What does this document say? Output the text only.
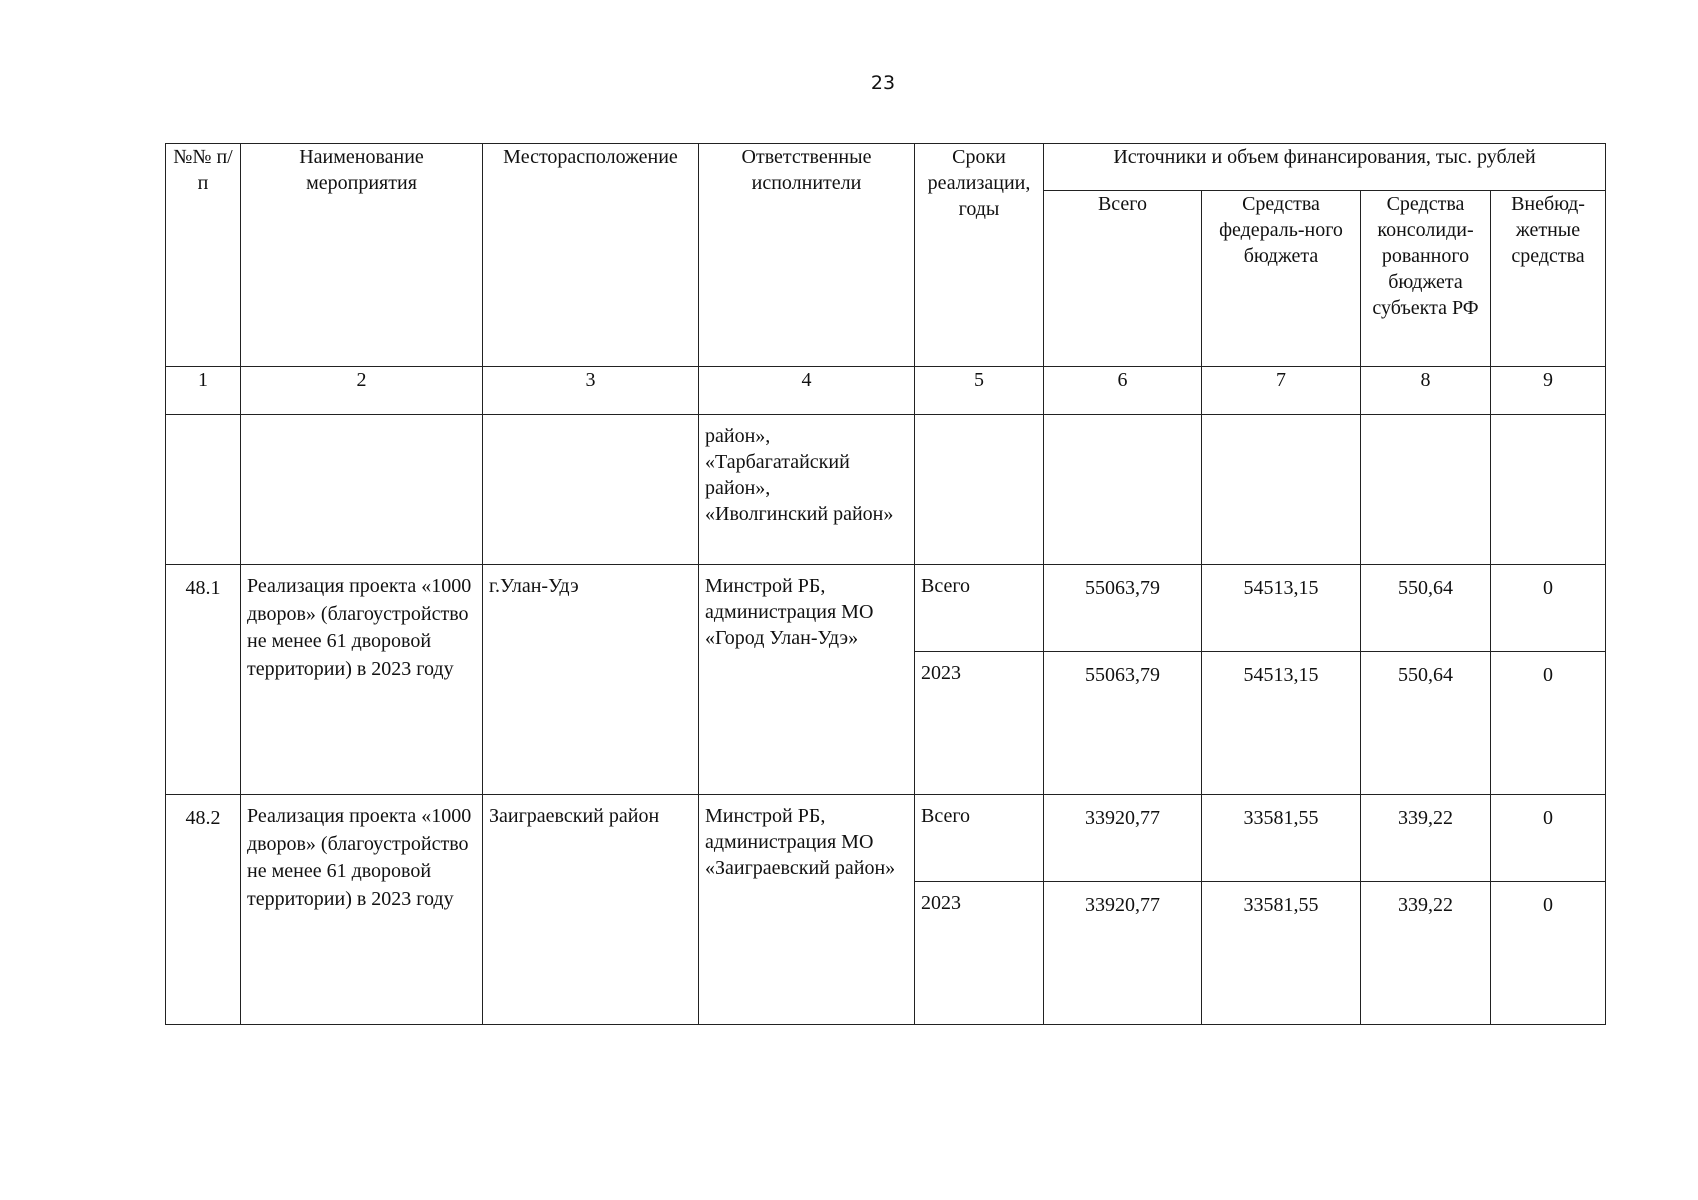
23
№№ п/п	Наименование мероприятия	Месторасположение	Ответственные исполнители	Сроки реализации, годы	Источники и объем финансирования, тыс. рублей			
					Всего	Средства федераль-ного бюджета	Средства консолиди-рованного бюджета субъекта РФ	Внебюд-жетные средства
1	2	3	4	5	6	7	8	9
			район»,
«Тарбагатайский район»,
«Иволгинский район»					
48.1	Реализация проекта «1000 дворов» (благоустройство не менее 61 дворовой территории) в 2023 году	г.Улан-Удэ	Минстрой РБ, администрация МО «Город Улан-Удэ»	Всего	55063,79	54513,15	550,64	0
				2023	55063,79	54513,15	550,64	0
48.2	Реализация проекта «1000 дворов» (благоустройство не менее 61 дворовой территории) в 2023 году	Заиграевский район	Минстрой РБ, администрация МО «Заиграевский район»	Всего	33920,77	33581,55	339,22	0
				2023	33920,77	33581,55	339,22	0
